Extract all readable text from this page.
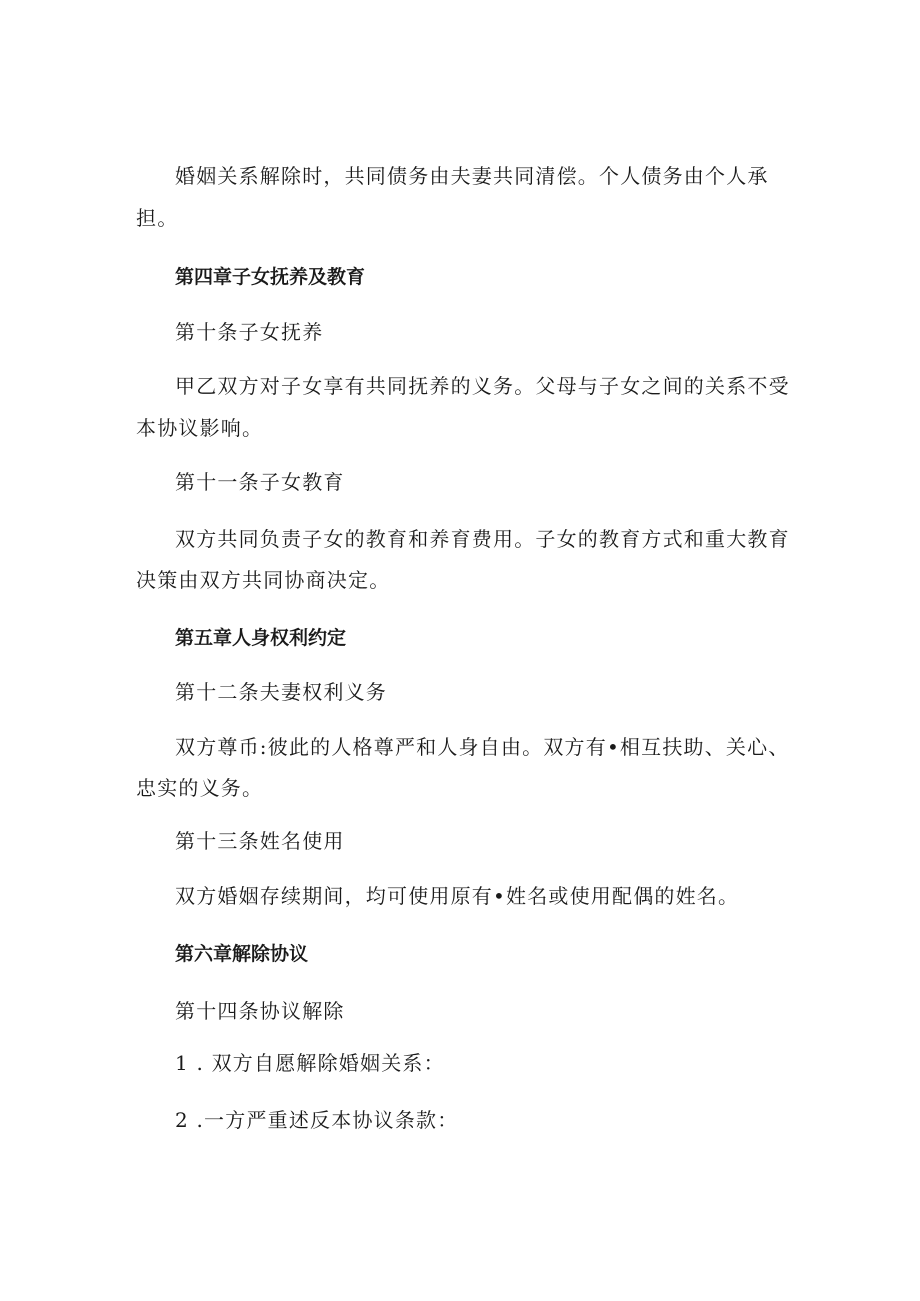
婚姻关系解除时，共同债务由夫妻共同清偿。个人债务由个人承
担。
第四章子女抚养及教育
第十条子女抚养
甲乙双方对子女享有共同抚养的义务。父母与子女之间的关系不受
本协议影响。
第十一条子女教育
双方共同负责子女的教育和养育费用。子女的教育方式和重大教育
决策由双方共同协商决定。
第五章人身权利约定
第十二条夫妻权利义务
双方尊币:彼此的人格尊严和人身自由。双方有•相互扶助、关心、
忠实的义务。
第十三条姓名使用
双方婚姻存续期间，均可使用原有•姓名或使用配偶的姓名。
第六章解除协议
第十四条协议解除
1 . 双方自愿解除婚姻关系：
2 .一方严重述反本协议条款：
